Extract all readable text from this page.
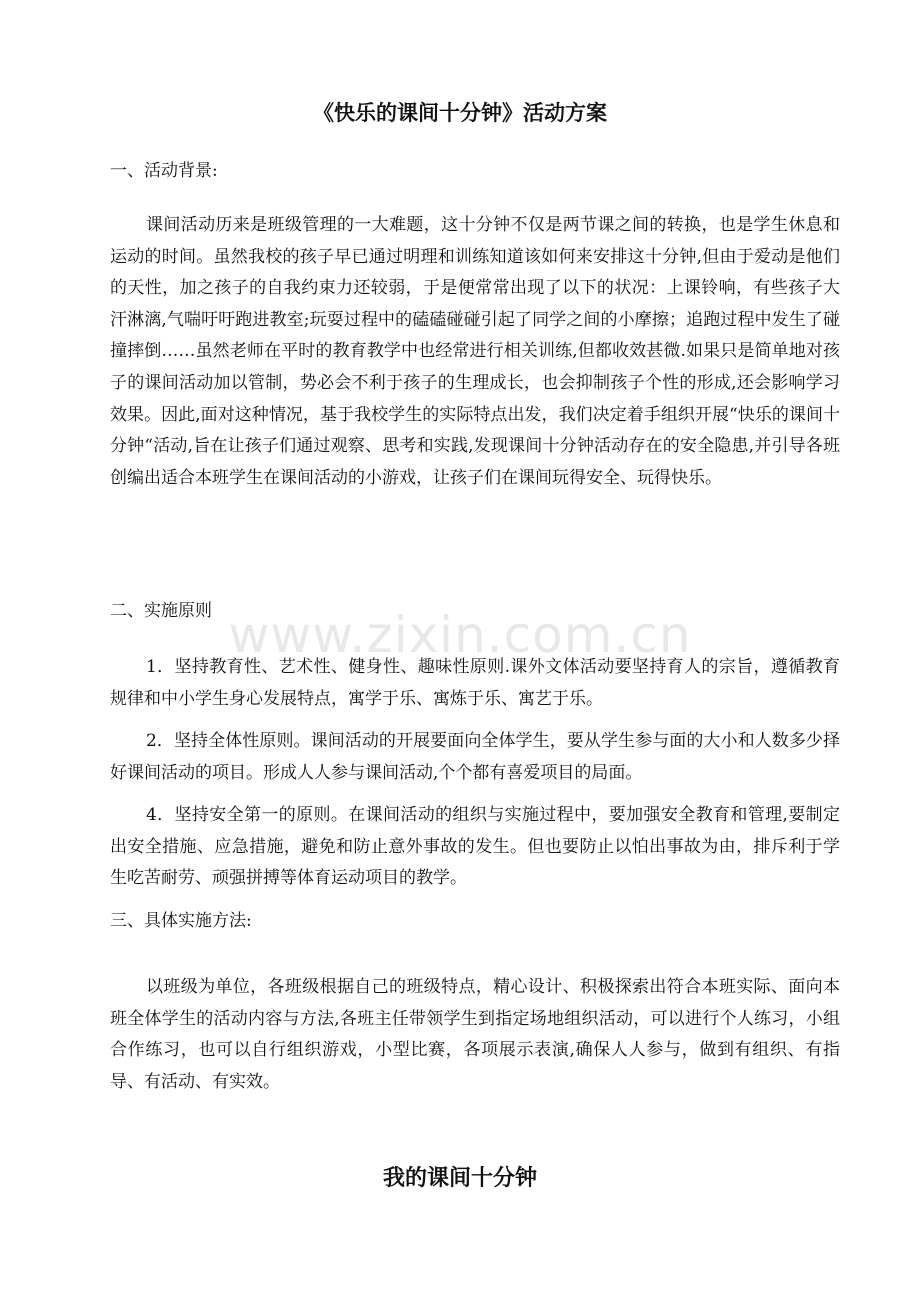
《快乐的课间十分钟》活动方案
一、活动背景:

课间活动历来是班级管理的一大难题，这十分钟不仅是两节课之间的转换，也是学生休息和运动的时间。虽然我校的孩子早已通过明理和训练知道该如何来安排这十分钟,但由于爱动是他们的天性，加之孩子的自我约束力还较弱，于是便常常出现了以下的状况：上课铃响，有些孩子大汗淋漓,气喘吁吁跑进教室;玩耍过程中的磕磕碰碰引起了同学之间的小摩擦；追跑过程中发生了碰撞摔倒……虽然老师在平时的教育教学中也经常进行相关训练,但都收效甚微.如果只是简单地对孩子的课间活动加以管制，势必会不利于孩子的生理成长，也会抑制孩子个性的形成,还会影响学习效果。因此,面对这种情况，基于我校学生的实际特点出发，我们决定着手组织开展“快乐的课间十分钟“活动,旨在让孩子们通过观察、思考和实践,发现课间十分钟活动存在的安全隐患,并引导各班创编出适合本班学生在课间活动的小游戏，让孩子们在课间玩得安全、玩得快乐。

二、实施原则

1．坚持教育性、艺术性、健身性、趣味性原则.课外文体活动要坚持育人的宗旨，遵循教育规律和中小学生身心发展特点，寓学于乐、寓炼于乐、寓艺于乐。

2．坚持全体性原则。课间活动的开展要面向全体学生，要从学生参与面的大小和人数多少择好课间活动的项目。形成人人参与课间活动,个个都有喜爱项目的局面。

4．坚持安全第一的原则。在课间活动的组织与实施过程中，要加强安全教育和管理,要制定出安全措施、应急措施，避免和防止意外事故的发生。但也要防止以怕出事故为由，排斥利于学生吃苦耐劳、顽强拼搏等体育运动项目的教学。

三、具体实施方法:

以班级为单位，各班级根据自己的班级特点，精心设计、积极探索出符合本班实际、面向本班全体学生的活动内容与方法,各班主任带领学生到指定场地组织活动，可以进行个人练习，小组合作练习，也可以自行组织游戏，小型比赛，各项展示表演,确保人人参与，做到有组织、有指导、有活动、有实效。

我的课间十分钟
www.zixin.com.cn
